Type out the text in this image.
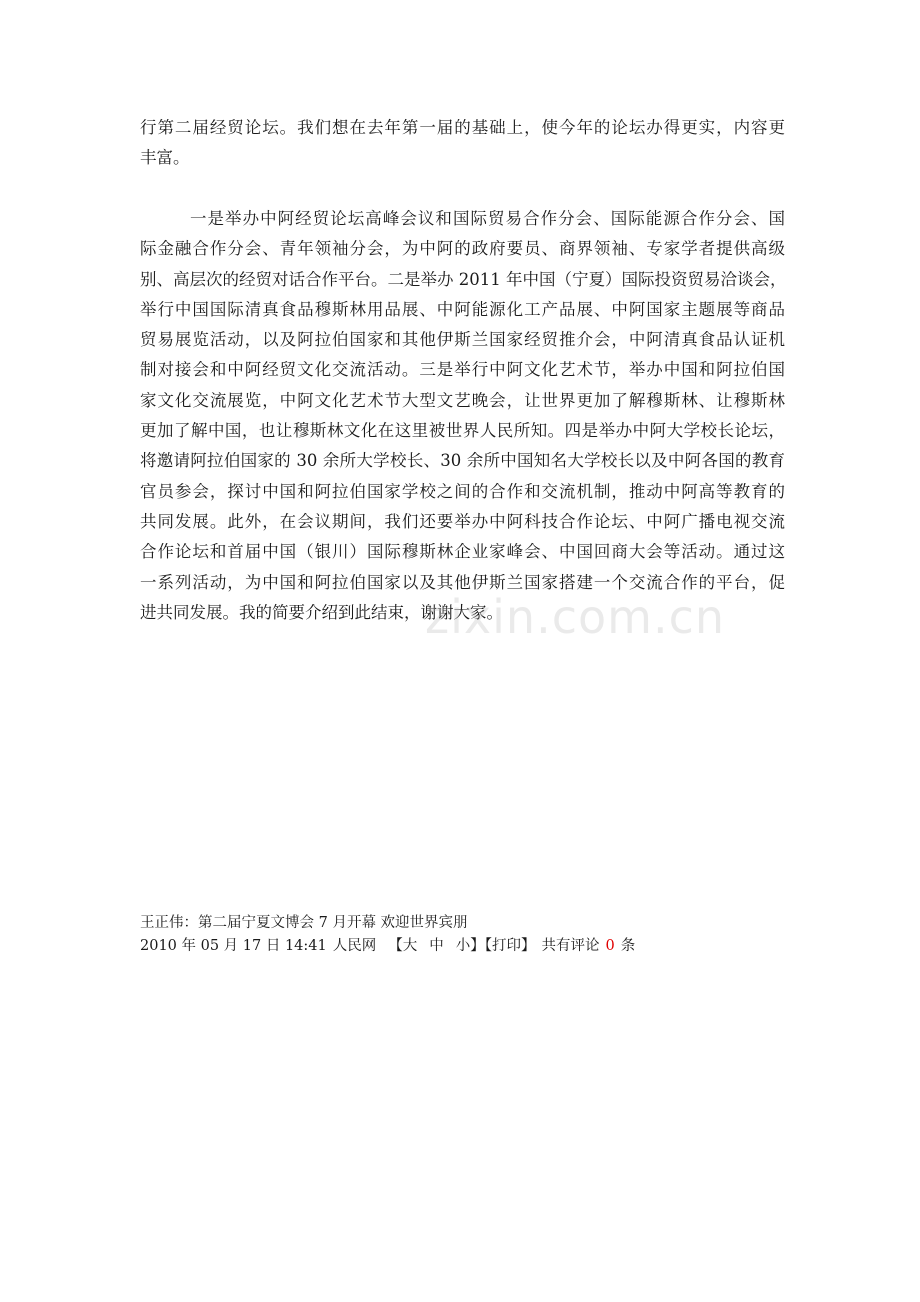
行第二届经贸论坛。我们想在去年第一届的基础上，使今年的论坛办得更实，内容更
丰富。
一是举办中阿经贸论坛高峰会议和国际贸易合作分会、国际能源合作分会、国
际金融合作分会、青年领袖分会，为中阿的政府要员、商界领袖、专家学者提供高级
别、高层次的经贸对话合作平台。二是举办 2011 年中国（宁夏）国际投资贸易洽谈会，
举行中国国际清真食品穆斯林用品展、中阿能源化工产品展、中阿国家主题展等商品
贸易展览活动，以及阿拉伯国家和其他伊斯兰国家经贸推介会，中阿清真食品认证机
制对接会和中阿经贸文化交流活动。三是举行中阿文化艺术节，举办中国和阿拉伯国
家文化交流展览，中阿文化艺术节大型文艺晚会，让世界更加了解穆斯林、让穆斯林
更加了解中国，也让穆斯林文化在这里被世界人民所知。四是举办中阿大学校长论坛，
将邀请阿拉伯国家的 30 余所大学校长、30 余所中国知名大学校长以及中阿各国的教育
官员参会，探讨中国和阿拉伯国家学校之间的合作和交流机制，推动中阿高等教育的
共同发展。此外，在会议期间，我们还要举办中阿科技合作论坛、中阿广播电视交流
合作论坛和首届中国（银川）国际穆斯林企业家峰会、中国回商大会等活动。通过这
一系列活动，为中国和阿拉伯国家以及其他伊斯兰国家搭建一个交流合作的平台，促
进共同发展。我的简要介绍到此结束，谢谢大家。
zixin.com.cn
王正伟：第二届宁夏文博会 7 月开幕 欢迎世界宾朋
2010 年 05 月 17 日 14:41 人民网 【大 中 小】【打印】 共有评论 0 条
